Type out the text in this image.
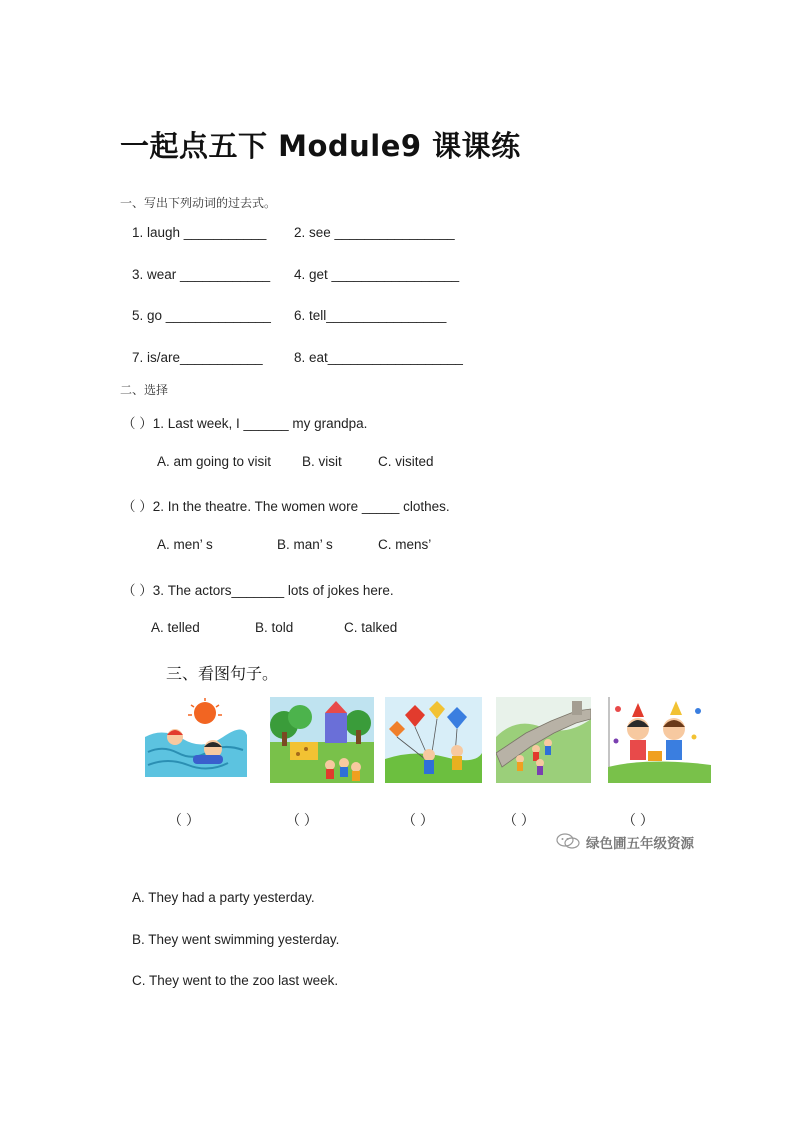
一起点五下 Module9 课课练
一、写出下列动词的过去式。
1. laugh ___________ 2. see ________________
3. wear ____________ 4. get _________________
5. go ______________ 6. tell________________
7. is/are___________ 8. eat__________________
二、选择
（ ）1. Last week, I ______ my grandpa.
A. am going to visit B. visit	C. visited
（ ）2. In the theatre. The women wore _____ clothes.
A. men’ s	B. man’ s	C. mens’
（ ）3. The actors_______ lots of jokes here.
A. telled	B. told	C. talked
三、看图句子。
（ ）	（ ）	（ ）	（ ）	（ ）
绿色圃五年级资源
A. They had a party yesterday.
B. They went swimming yesterday.
C. They went to the zoo last week.
